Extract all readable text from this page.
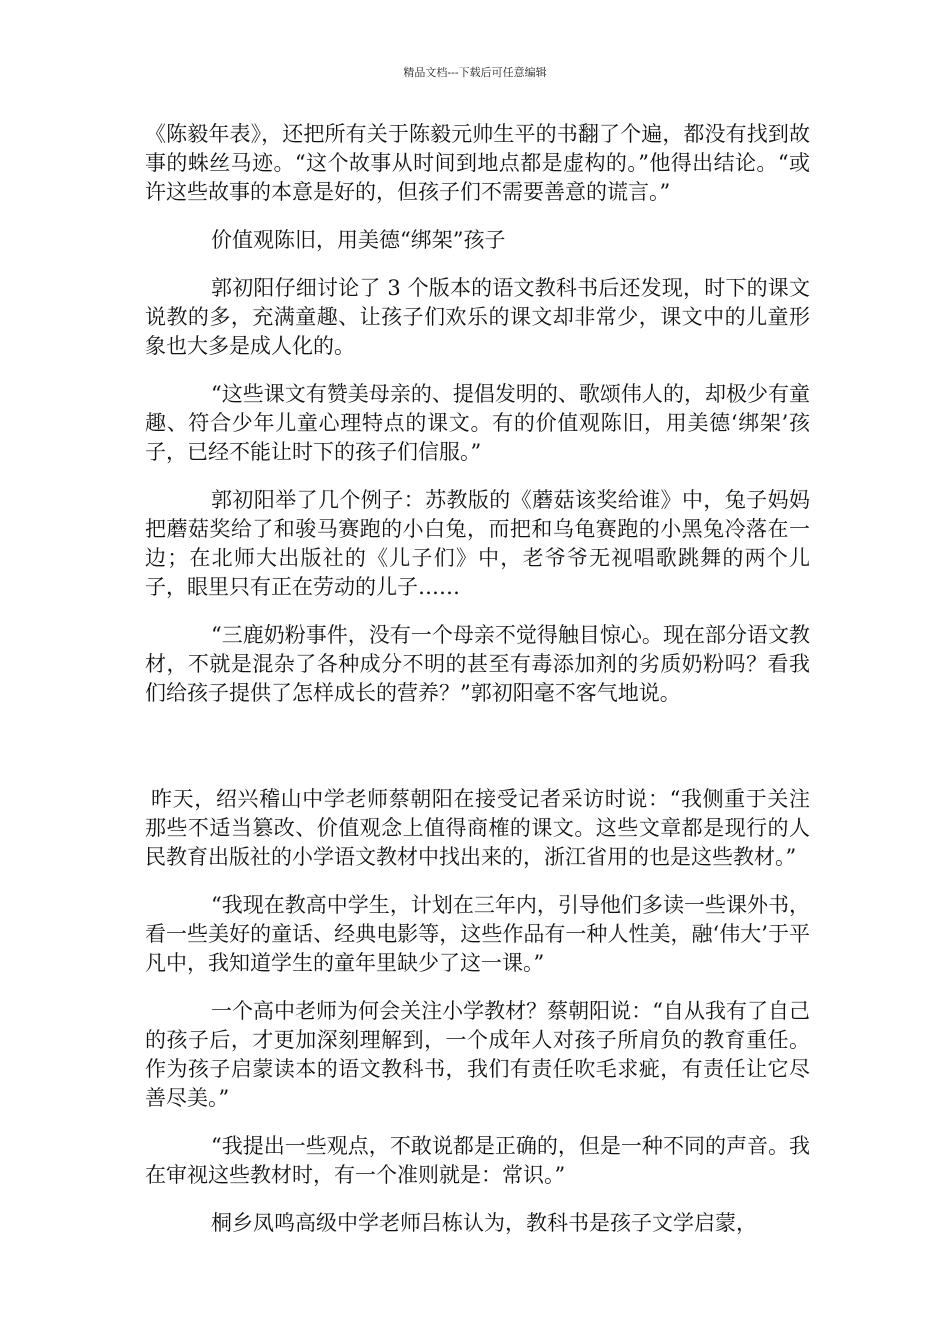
精品文档---下载后可任意编辑

《陈毅年表》，还把所有关于陈毅元帅生平的书翻了个遍，都没有找到故事的蛛丝马迹。“这个故事从时间到地点都是虚构的。”他得出结论。“或许这些故事的本意是好的，但孩子们不需要善意的谎言。”

价值观陈旧，用美德“绑架”孩子

郭初阳仔细讨论了 3 个版本的语文教科书后还发现，时下的课文说教的多，充满童趣、让孩子们欢乐的课文却非常少，课文中的儿童形象也大多是成人化的。

“这些课文有赞美母亲的、提倡发明的、歌颂伟人的，却极少有童趣、符合少年儿童心理特点的课文。有的价值观陈旧，用美德‘绑架’孩子，已经不能让时下的孩子们信服。”

郭初阳举了几个例子：苏教版的《蘑菇该奖给谁》中，兔子妈妈把蘑菇奖给了和骏马赛跑的小白兔，而把和乌龟赛跑的小黑兔冷落在一边；在北师大出版社的《儿子们》中，老爷爷无视唱歌跳舞的两个儿子，眼里只有正在劳动的儿子……

“三鹿奶粉事件，没有一个母亲不觉得触目惊心。现在部分语文教材，不就是混杂了各种成分不明的甚至有毒添加剂的劣质奶粉吗？看我们给孩子提供了怎样成长的营养？”郭初阳毫不客气地说。

昨天，绍兴稽山中学老师蔡朝阳在接受记者采访时说：“我侧重于关注那些不适当篡改、价值观念上值得商榷的课文。这些文章都是现行的人民教育出版社的小学语文教材中找出来的，浙江省用的也是这些教材。”

“我现在教高中学生，计划在三年内，引导他们多读一些课外书，看一些美好的童话、经典电影等，这些作品有一种人性美，融‘伟大’于平凡中，我知道学生的童年里缺少了这一课。”

一个高中老师为何会关注小学教材？蔡朝阳说：“自从我有了自己的孩子后，才更加深刻理解到，一个成年人对孩子所肩负的教育重任。作为孩子启蒙读本的语文教科书，我们有责任吹毛求疵，有责任让它尽善尽美。”

“我提出一些观点，不敢说都是正确的，但是一种不同的声音。我在审视这些教材时，有一个准则就是：常识。”

桐乡凤鸣高级中学老师吕栋认为，教科书是孩子文学启蒙，
